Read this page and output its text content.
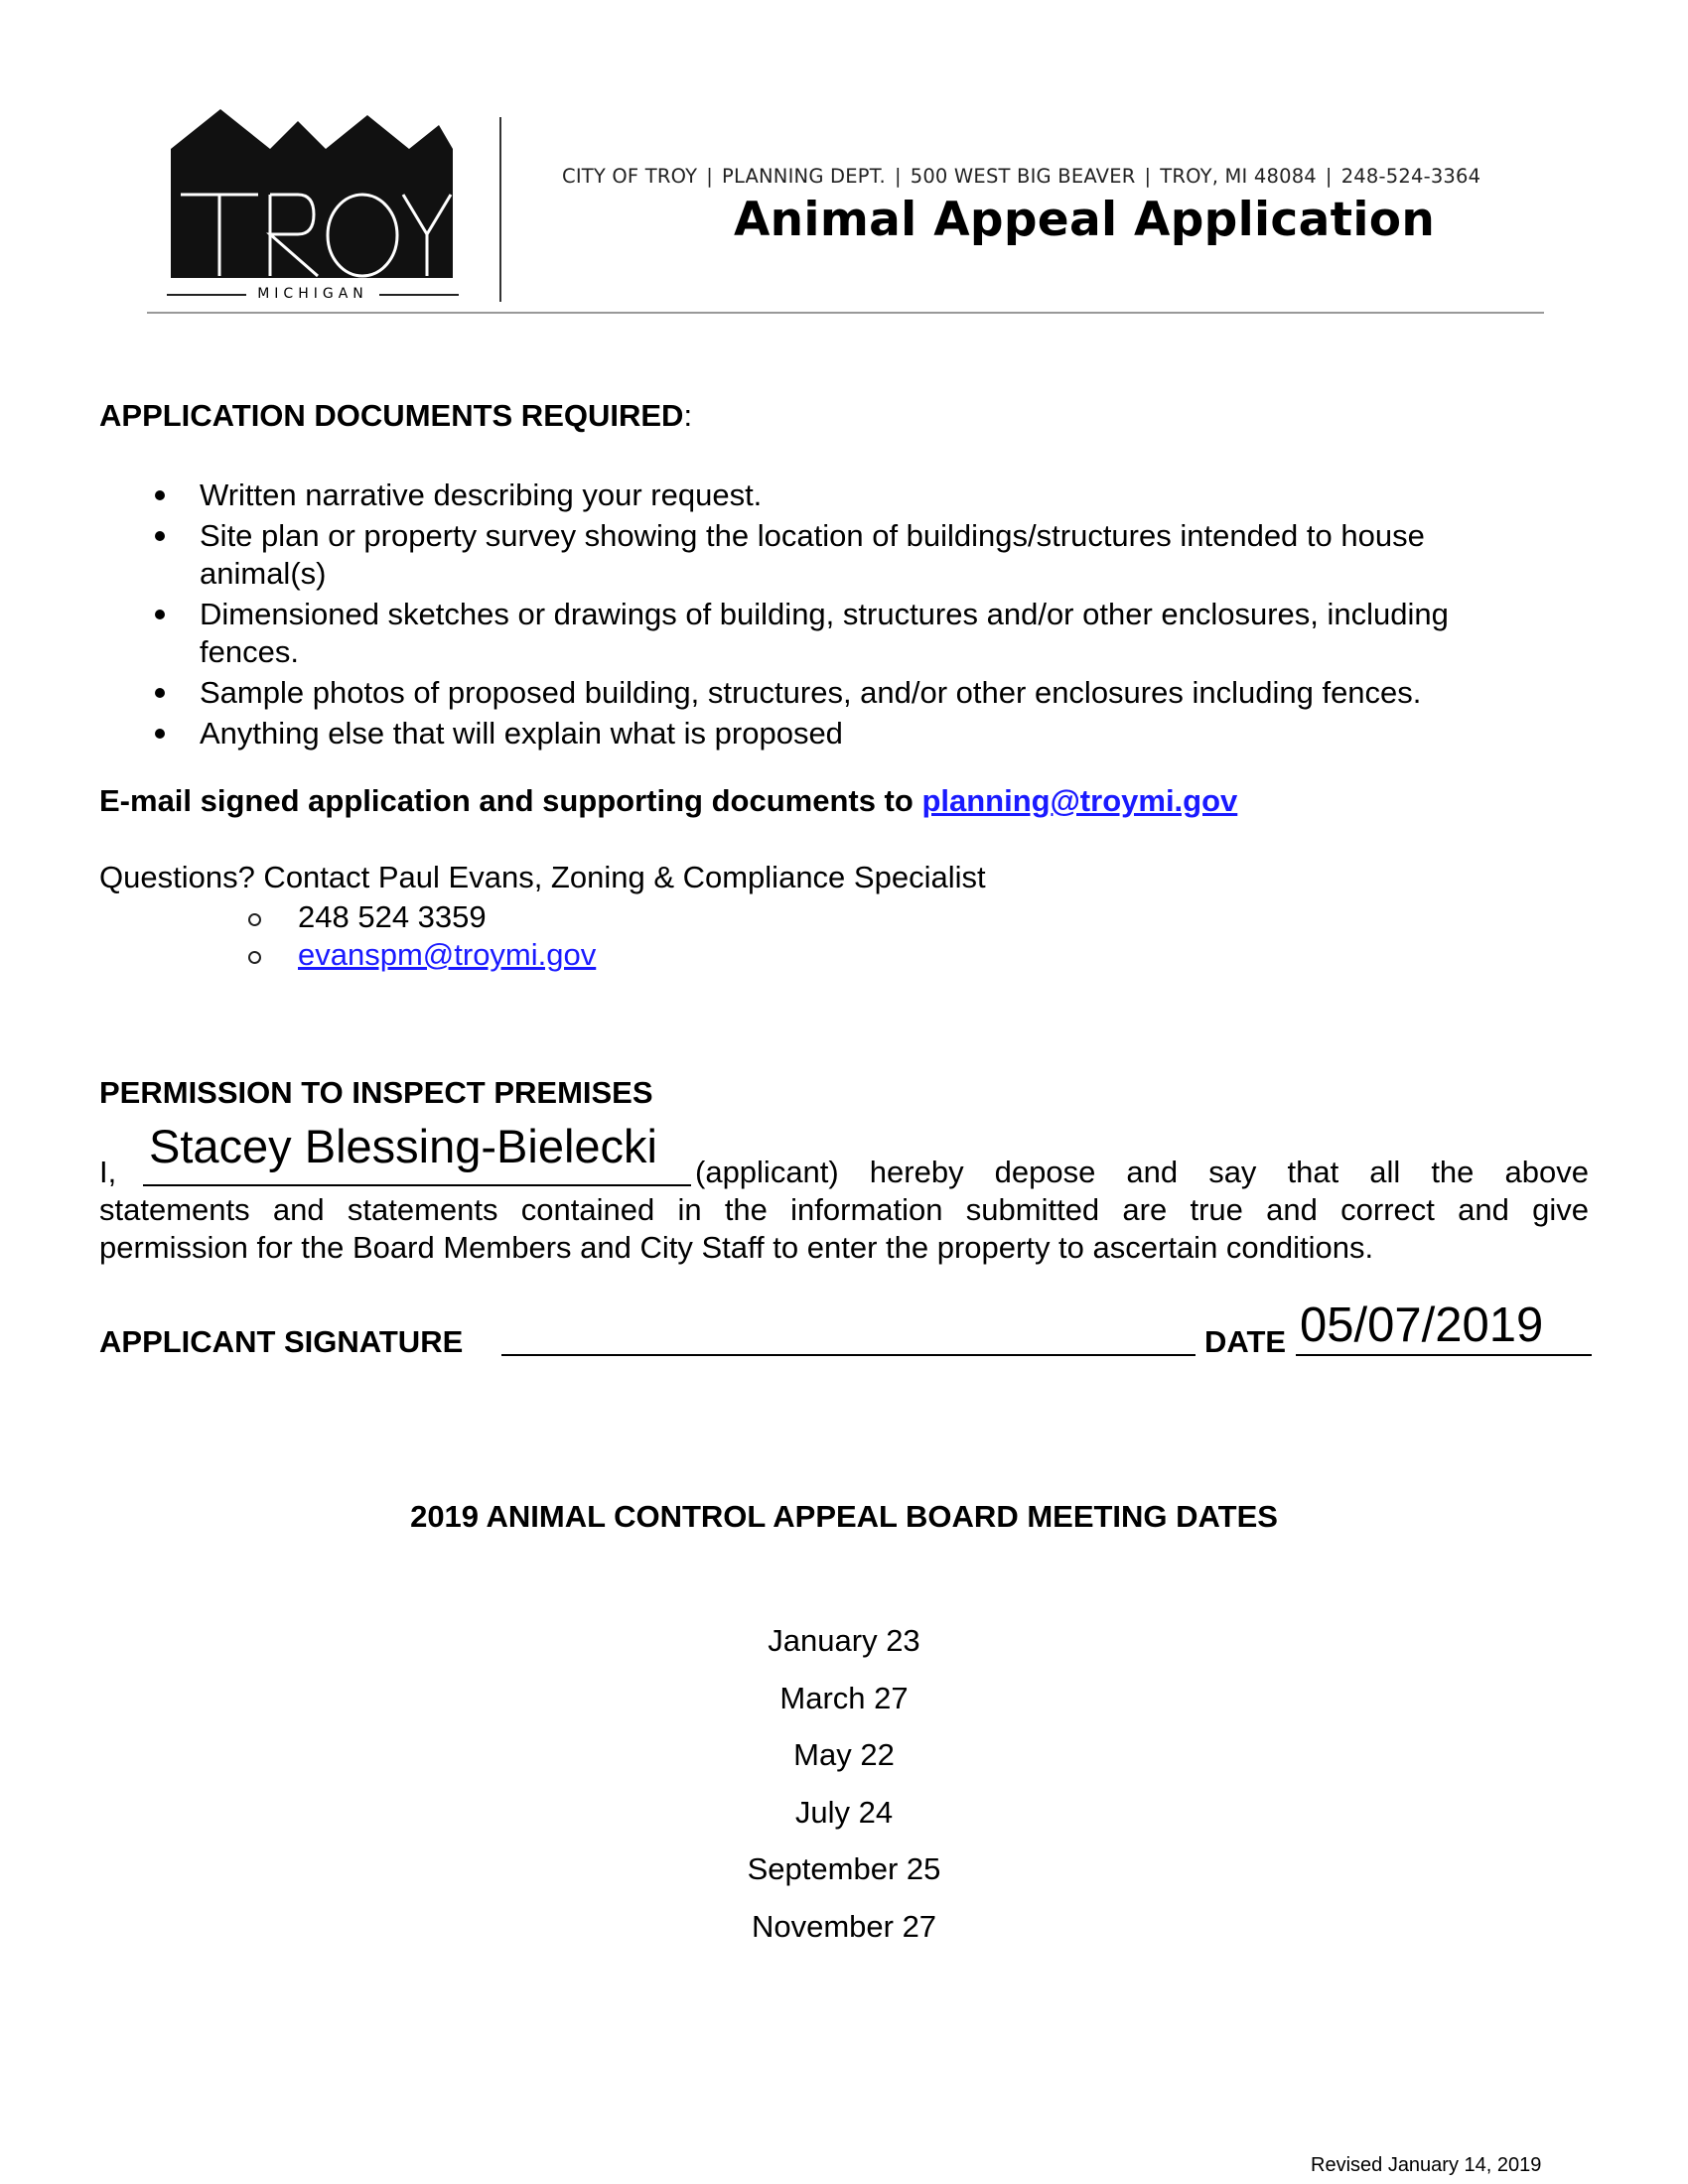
MICHIGAN
CITY OF TROY | PLANNING DEPT. | 500 WEST BIG BEAVER | TROY, MI 48084 | 248-524-3364
Animal Appeal Application
APPLICATION DOCUMENTS REQUIRED:
Written narrative describing your request.
Site plan or property survey showing the location of buildings/structures intended to house
animal(s)
Dimensioned sketches or drawings of building, structures and/or other enclosures, including
fences.
Sample photos of proposed building, structures, and/or other enclosures including fences.
Anything else that will explain what is proposed
E-mail signed application and supporting documents to planning@troymi.gov
Questions? Contact Paul Evans, Zoning & Compliance Specialist
248 524 3359
evanspm@troymi.gov
PERMISSION TO INSPECT PREMISES
I, Stacey Blessing-Bielecki (applicant) hereby depose and say that all the above
statements and statements contained in the information submitted are true and correct and give
permission for the Board Members and City Staff to enter the property to ascertain conditions.
APPLICANT SIGNATURE	DATE 05/07/2019
2019 ANIMAL CONTROL APPEAL BOARD MEETING DATES
January 23
March 27
May 22
July 24
September 25
November 27
Revised January 14, 2019
